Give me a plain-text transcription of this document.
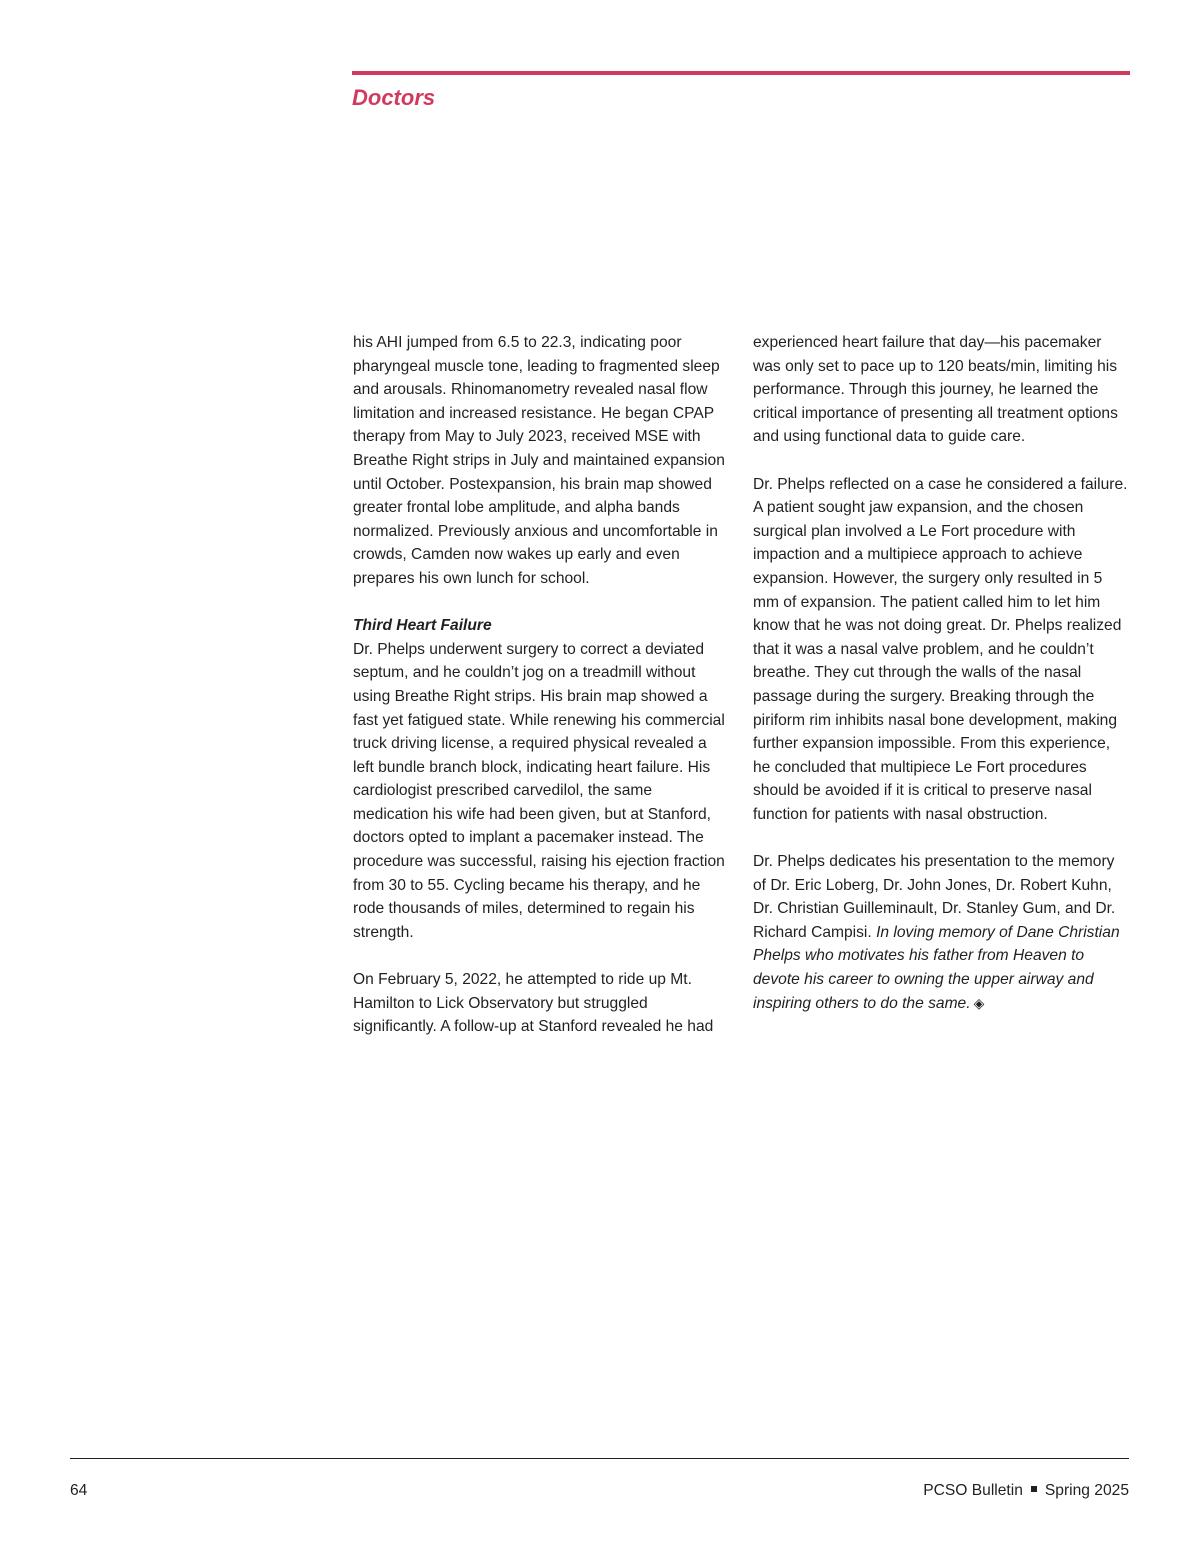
Doctors

his AHI jumped from 6.5 to 22.3, indicating poor pharyngeal muscle tone, leading to fragmented sleep and arousals. Rhinomanometry revealed nasal flow limitation and increased resistance. He began CPAP therapy from May to July 2023, received MSE with Breathe Right strips in July and maintained expansion until October. Postexpansion, his brain map showed greater frontal lobe amplitude, and alpha bands normalized. Previously anxious and uncomfortable in crowds, Camden now wakes up early and even prepares his own lunch for school.

Third Heart Failure

Dr. Phelps underwent surgery to correct a deviated septum, and he couldn’t jog on a treadmill without using Breathe Right strips. His brain map showed a fast yet fatigued state. While renewing his commercial truck driving license, a required physical revealed a left bundle branch block, indicating heart failure. His cardiologist prescribed carvedilol, the same medication his wife had been given, but at Stanford, doctors opted to implant a pacemaker instead. The procedure was successful, raising his ejection fraction from 30 to 55. Cycling became his therapy, and he rode thousands of miles, determined to regain his strength.

On February 5, 2022, he attempted to ride up Mt. Hamilton to Lick Observatory but struggled significantly. A follow-up at Stanford revealed he had

experienced heart failure that day—his pacemaker was only set to pace up to 120 beats/min, limiting his performance. Through this journey, he learned the critical importance of presenting all treatment options and using functional data to guide care.

Dr. Phelps reflected on a case he considered a failure. A patient sought jaw expansion, and the chosen surgical plan involved a Le Fort procedure with impaction and a multipiece approach to achieve expansion. However, the surgery only resulted in 5 mm of expansion. The patient called him to let him know that he was not doing great. Dr. Phelps realized that it was a nasal valve problem, and he couldn’t breathe. They cut through the walls of the nasal passage during the surgery. Breaking through the piriform rim inhibits nasal bone development, making further expansion impossible. From this experience, he concluded that multipiece Le Fort procedures should be avoided if it is critical to preserve nasal function for patients with nasal obstruction.

Dr. Phelps dedicates his presentation to the memory of Dr. Eric Loberg, Dr. John Jones, Dr. Robert Kuhn, Dr. Christian Guilleminault, Dr. Stanley Gum, and Dr. Richard Campisi. In loving memory of Dane Christian Phelps who motivates his father from Heaven to devote his career to owning the upper airway and inspiring others to do the same. ◈

64	PCSO Bulletin Spring 2025
